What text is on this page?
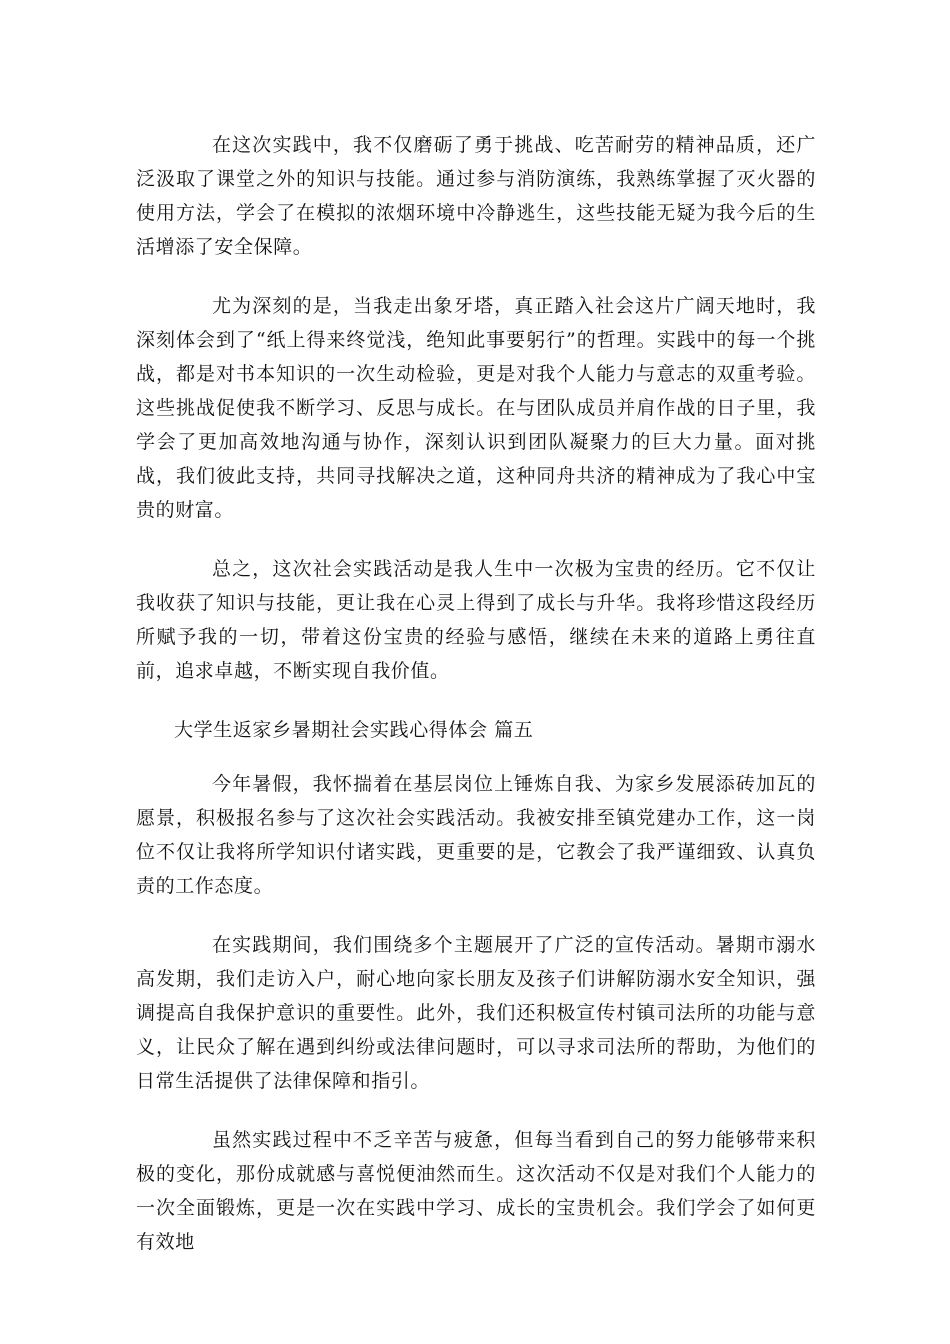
在这次实践中，我不仅磨砺了勇于挑战、吃苦耐劳的精神品质，还广泛汲取了课堂之外的知识与技能。通过参与消防演练，我熟练掌握了灭火器的使用方法，学会了在模拟的浓烟环境中冷静逃生，这些技能无疑为我今后的生活增添了安全保障。

尤为深刻的是，当我走出象牙塔，真正踏入社会这片广阔天地时，我深刻体会到了“纸上得来终觉浅，绝知此事要躬行”的哲理。实践中的每一个挑战，都是对书本知识的一次生动检验，更是对我个人能力与意志的双重考验。这些挑战促使我不断学习、反思与成长。在与团队成员并肩作战的日子里，我学会了更加高效地沟通与协作，深刻认识到团队凝聚力的巨大力量。面对挑战，我们彼此支持，共同寻找解决之道，这种同舟共济的精神成为了我心中宝贵的财富。

总之，这次社会实践活动是我人生中一次极为宝贵的经历。它不仅让我收获了知识与技能，更让我在心灵上得到了成长与升华。我将珍惜这段经历所赋予我的一切，带着这份宝贵的经验与感悟，继续在未来的道路上勇往直前，追求卓越，不断实现自我价值。

大学生返家乡暑期社会实践心得体会 篇五

今年暑假，我怀揣着在基层岗位上锤炼自我、为家乡发展添砖加瓦的愿景，积极报名参与了这次社会实践活动。我被安排至镇党建办工作，这一岗位不仅让我将所学知识付诸实践，更重要的是，它教会了我严谨细致、认真负责的工作态度。

在实践期间，我们围绕多个主题展开了广泛的宣传活动。暑期市溺水高发期，我们走访入户，耐心地向家长朋友及孩子们讲解防溺水安全知识，强调提高自我保护意识的重要性。此外，我们还积极宣传村镇司法所的功能与意义，让民众了解在遇到纠纷或法律问题时，可以寻求司法所的帮助，为他们的日常生活提供了法律保障和指引。

虽然实践过程中不乏辛苦与疲惫，但每当看到自己的努力能够带来积极的变化，那份成就感与喜悦便油然而生。这次活动不仅是对我们个人能力的一次全面锻炼，更是一次在实践中学习、成长的宝贵机会。我们学会了如何更有效地
